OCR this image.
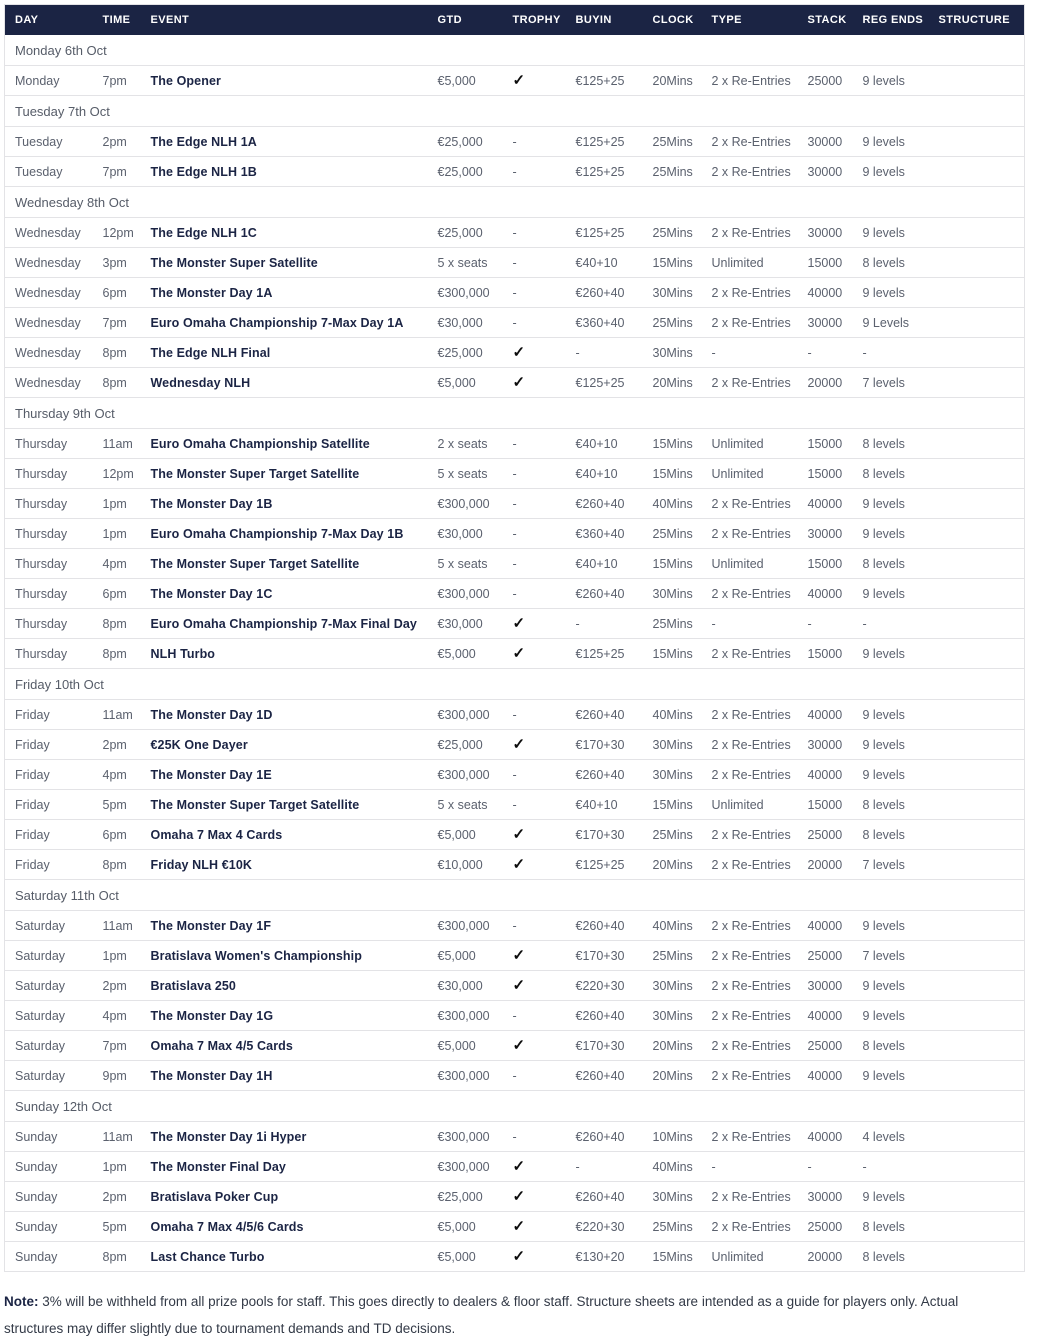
DAY	TIME	EVENT	GTD	TROPHY	BUYIN	CLOCK	TYPE	STACK	REG ENDS	STRUCTURE
Monday 6th Oct										
Monday	7pm	The Opener	€5,000	✓	€125+25	20Mins	2 x Re-Entries	25000	9 levels	
Tuesday 7th Oct										
Tuesday	2pm	The Edge NLH 1A	€25,000	-	€125+25	25Mins	2 x Re-Entries	30000	9 levels	
Tuesday	7pm	The Edge NLH 1B	€25,000	-	€125+25	25Mins	2 x Re-Entries	30000	9 levels	
Wednesday 8th Oct										
Wednesday	12pm	The Edge NLH 1C	€25,000	-	€125+25	25Mins	2 x Re-Entries	30000	9 levels	
Wednesday	3pm	The Monster Super Satellite	5 x seats	-	€40+10	15Mins	Unlimited	15000	8 levels	
Wednesday	6pm	The Monster Day 1A	€300,000	-	€260+40	30Mins	2 x Re-Entries	40000	9 levels	
Wednesday	7pm	Euro Omaha Championship 7-Max Day 1A	€30,000	-	€360+40	25Mins	2 x Re-Entries	30000	9 Levels	
Wednesday	8pm	The Edge NLH Final	€25,000	✓	-	30Mins	-	-	-	
Wednesday	8pm	Wednesday NLH	€5,000	✓	€125+25	20Mins	2 x Re-Entries	20000	7 levels	
Thursday 9th Oct										
Thursday	11am	Euro Omaha Championship Satellite	2 x seats	-	€40+10	15Mins	Unlimited	15000	8 levels	
Thursday	12pm	The Monster Super Target Satellite	5 x seats	-	€40+10	15Mins	Unlimited	15000	8 levels	
Thursday	1pm	The Monster Day 1B	€300,000	-	€260+40	40Mins	2 x Re-Entries	40000	9 levels	
Thursday	1pm	Euro Omaha Championship 7-Max Day 1B	€30,000	-	€360+40	25Mins	2 x Re-Entries	30000	9 levels	
Thursday	4pm	The Monster Super Target Satellite	5 x seats	-	€40+10	15Mins	Unlimited	15000	8 levels	
Thursday	6pm	The Monster Day 1C	€300,000	-	€260+40	30Mins	2 x Re-Entries	40000	9 levels	
Thursday	8pm	Euro Omaha Championship 7-Max Final Day	€30,000	✓	-	25Mins	-	-	-	
Thursday	8pm	NLH Turbo	€5,000	✓	€125+25	15Mins	2 x Re-Entries	15000	9 levels	
Friday 10th Oct										
Friday	11am	The Monster Day 1D	€300,000	-	€260+40	40Mins	2 x Re-Entries	40000	9 levels	
Friday	2pm	€25K One Dayer	€25,000	✓	€170+30	30Mins	2 x Re-Entries	30000	9 levels	
Friday	4pm	The Monster Day 1E	€300,000	-	€260+40	30Mins	2 x Re-Entries	40000	9 levels	
Friday	5pm	The Monster Super Target Satellite	5 x seats	-	€40+10	15Mins	Unlimited	15000	8 levels	
Friday	6pm	Omaha 7 Max 4 Cards	€5,000	✓	€170+30	25Mins	2 x Re-Entries	25000	8 levels	
Friday	8pm	Friday NLH €10K	€10,000	✓	€125+25	20Mins	2 x Re-Entries	20000	7 levels	
Saturday 11th Oct										
Saturday	11am	The Monster Day 1F	€300,000	-	€260+40	40Mins	2 x Re-Entries	40000	9 levels	
Saturday	1pm	Bratislava Women's Championship	€5,000	✓	€170+30	25Mins	2 x Re-Entries	25000	7 levels	
Saturday	2pm	Bratislava 250	€30,000	✓	€220+30	30Mins	2 x Re-Entries	30000	9 levels	
Saturday	4pm	The Monster Day 1G	€300,000	-	€260+40	30Mins	2 x Re-Entries	40000	9 levels	
Saturday	7pm	Omaha 7 Max 4/5 Cards	€5,000	✓	€170+30	20Mins	2 x Re-Entries	25000	8 levels	
Saturday	9pm	The Monster Day 1H	€300,000	-	€260+40	20Mins	2 x Re-Entries	40000	9 levels	
Sunday 12th Oct										
Sunday	11am	The Monster Day 1i Hyper	€300,000	-	€260+40	10Mins	2 x Re-Entries	40000	4 levels	
Sunday	1pm	The Monster Final Day	€300,000	✓	-	40Mins	-	-	-	
Sunday	2pm	Bratislava Poker Cup	€25,000	✓	€260+40	30Mins	2 x Re-Entries	30000	9 levels	
Sunday	5pm	Omaha 7 Max 4/5/6 Cards	€5,000	✓	€220+30	25Mins	2 x Re-Entries	25000	8 levels	
Sunday	8pm	Last Chance Turbo	€5,000	✓	€130+20	15Mins	Unlimited	20000	8 levels	

Note: 3% will be withheld from all prize pools for staff. This goes directly to dealers & floor staff. Structure sheets are intended as a guide for players only. Actual structures may differ slightly due to tournament demands and TD decisions.
